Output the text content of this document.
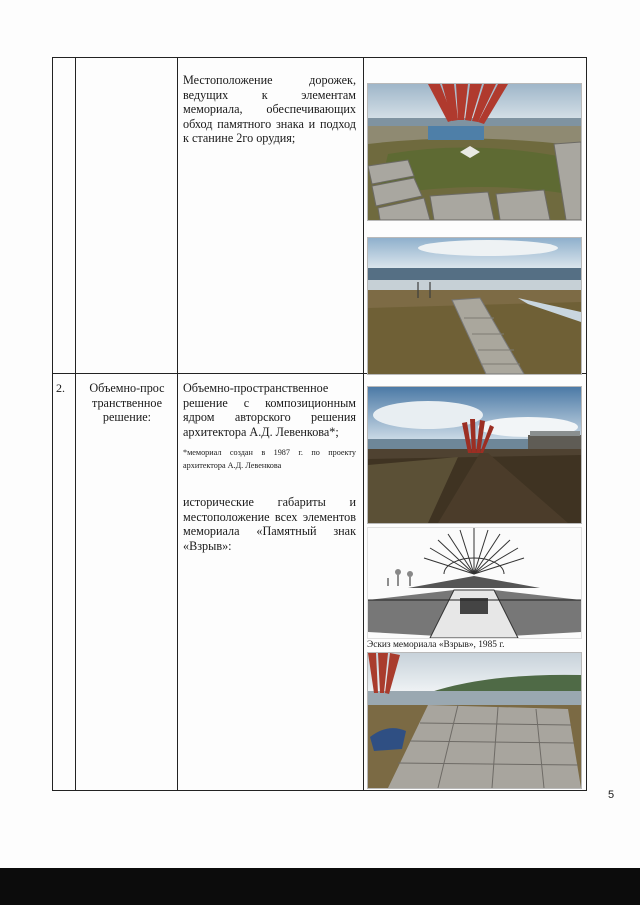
Местоположение дорожек, ведущих к элементам мемориала, обеспечивающих обход памятного знака и подход к станине 2го орудия;

2. Объемно-пространственное решение:

Объемно-пространственное решение с композиционным ядром авторского решения архитектора А.Д. Левенкова*;

*мемориал создан в 1987 г. по проекту архитектора А.Д. Левенкова

исторические габариты и местоположение всех элементов мемориала «Памятный знак «Взрыв»:

Эскиз мемориала «Взрыв», 1985 г.
5
